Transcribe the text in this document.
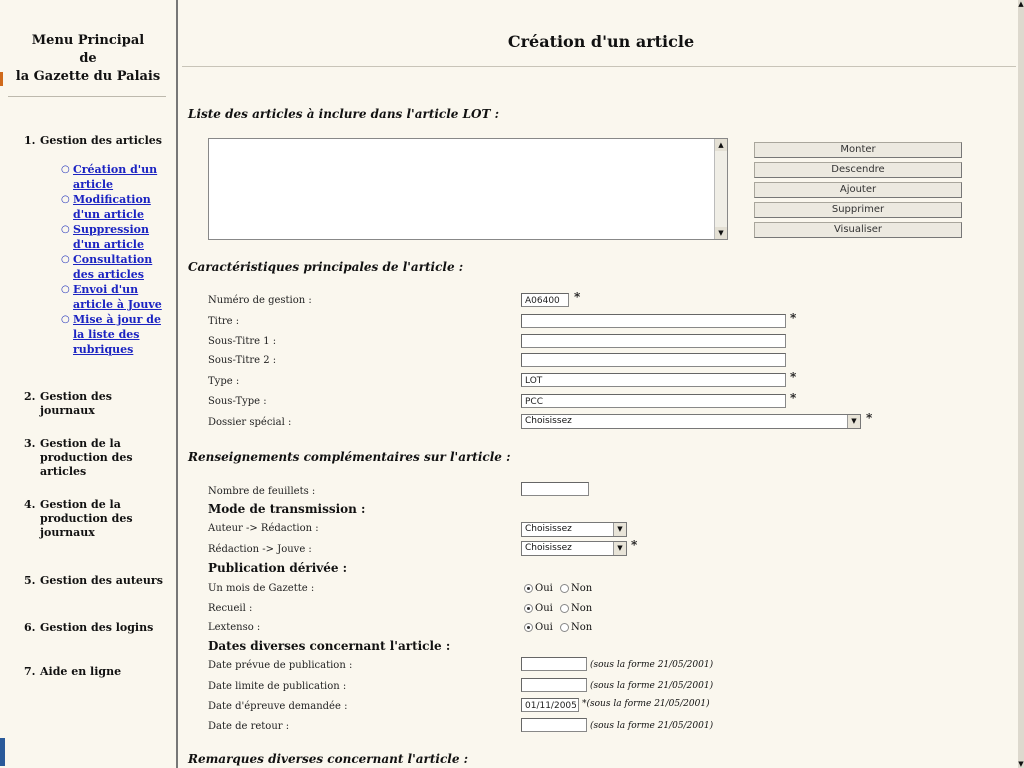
Menu Principal
de
la Gazette du Palais
1. Gestion des articles
○ Création d'un article
○ Modification d'un article
○ Suppression d'un article
○ Consultation des articles
○ Envoi d'un article à Jouve
○ Mise à jour de la liste des rubriques
2. Gestion des journaux
3. Gestion de la production des articles
4. Gestion de la production des journaux
5. Gestion des auteurs
6. Gestion des logins
7. Aide en ligne
Création d'un article
Liste des articles à inclure dans l'article LOT :
▲
▼
Monter
Descendre
Ajouter
Supprimer
Visualiser
Caractéristiques principales de l'article :
Numéro de gestion :	A06400	*
Titre :	*
Sous-Titre 1 :
Sous-Titre 2 :
Type :	LOT	*
Sous-Type :	PCC	*
Dossier spécial :	Choisissez	▼ *
Renseignements complémentaires sur l'article :
Nombre de feuillets :
Mode de transmission :
Auteur -> Rédaction :	Choisissez	▼
Rédaction -> Jouve :	Choisissez	▼ *
Publication dérivée :
Un mois de Gazette :	Oui Non
Recueil :	Oui Non
Lextenso :	Oui Non
Dates diverses concernant l'article :
Date prévue de publication :	(sous la forme 21/05/2001)
Date limite de publication :	(sous la forme 21/05/2001)
Date d'épreuve demandée :	01/11/2005 *(sous la forme 21/05/2001)
Date de retour :	(sous la forme 21/05/2001)
Remarques diverses concernant l'article :
▲
▼
